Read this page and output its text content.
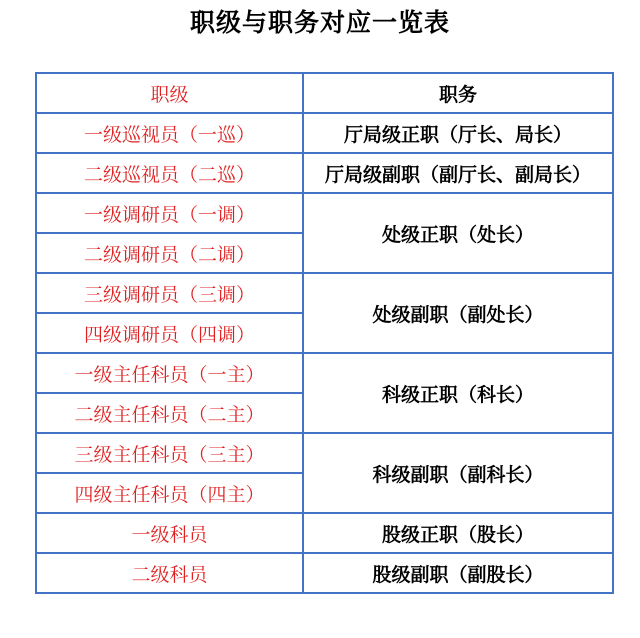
职级与职务对应一览表
职级	职务
一级巡视员（一巡）	厅局级正职（厅长、局长）
二级巡视员（二巡）	厅局级副职（副厅长、副局长）
一级调研员（一调）	处级正职（处长）
二级调研员（二调）	
三级调研员（三调）	处级副职（副处长）
四级调研员（四调）	
一级主任科员（一主）	科级正职（科长）
二级主任科员（二主）	
三级主任科员（三主）	科级副职（副科长）
四级主任科员（四主）	
一级科员	股级正职（股长）
二级科员	股级副职（副股长）
